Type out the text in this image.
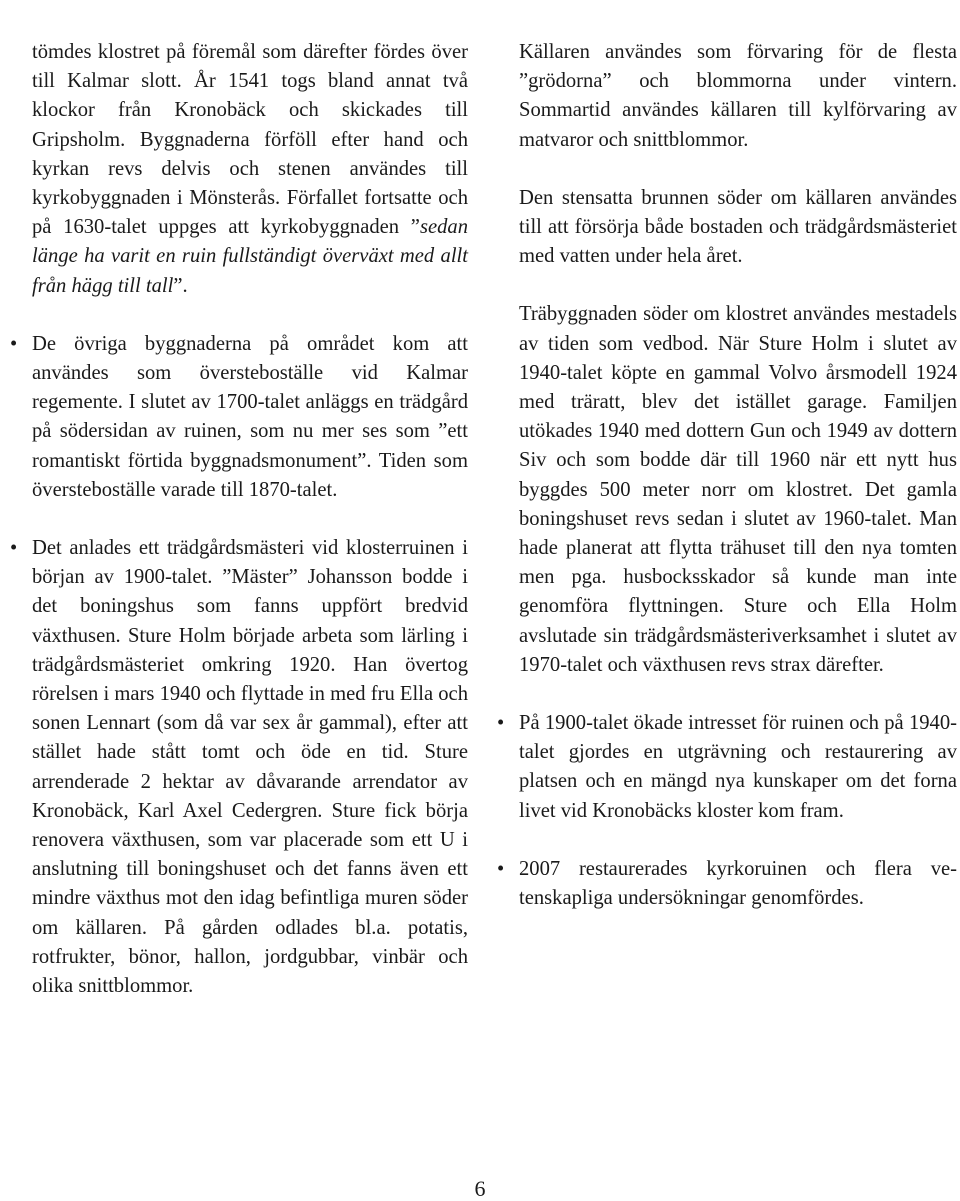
tömdes klostret på föremål som därefter fördes över till Kalmar slott. År 1541 togs bland annat två klockor från Kronobäck och skickades till Gripsholm. Byggnaderna förföll efter hand och kyrkan revs delvis och stenen användes till kyrkobyggnaden i Mönsterås. Förfallet fortsatte och på 1630-talet uppges att kyrkobyggnaden ”sedan länge ha varit en ruin fullständigt överväxt med allt från hägg till tall”.

• De övriga byggnaderna på området kom att användes som översteboställe vid Kalmar regemente. I slutet av 1700-talet anläggs en trädgård på södersidan av ruinen, som nu mer ses som ”ett romantiskt förtida byggnadsmonument”. Tiden som översteboställe varade till 1870-talet.

• Det anlades ett trädgårdsmästeri vid klosterruinen i början av 1900-talet. ”Mäster” Johansson bodde i det boningshus som fanns uppfört bredvid växthusen. Sture Holm började arbeta som lärling i trädgårdsmästeriet omkring 1920. Han övertog rörelsen i mars 1940 och flyttade in med fru Ella och sonen Lennart (som då var sex år gammal), efter att stället hade stått tomt och öde en tid. Sture arrenderade 2 hektar av dåvarande arrendator av Kronobäck, Karl Axel Cedergren. Sture fick börja renovera växthusen, som var placerade som ett U i anslutning till boningshuset och det fanns även ett mindre växthus mot den idag befintliga muren söder om källaren. På gården odlades bl.a. potatis, rotfrukter, bönor, hallon, jordgubbar, vinbär och olika snittblommor.

Källaren användes som förvaring för de flesta ”grödorna” och blommorna under vintern. Sommartid användes källaren till kylförvaring av matvaror och snittblommor.

Den stensatta brunnen söder om källaren användes till att försörja både bostaden och trädgårdsmästeriet med vatten under hela året.

Träbyggnaden söder om klostret användes mestadels av tiden som vedbod. När Sture Holm i slutet av 1940-talet köpte en gammal Volvo årsmodell 1924 med träratt, blev det istället garage. Familjen utökades 1940 med dottern Gun och 1949 av dottern Siv och som bodde där till 1960 när ett nytt hus byggdes 500 meter norr om klostret. Det gamla boningshuset revs sedan i slutet av 1960-talet. Man hade planerat att flytta trähuset till den nya tomten men pga. husbocksskador så kunde man inte genomföra flyttningen. Sture och Ella Holm avslutade sin trädgårdsmästeriverksamhet i slutet av 1970-talet och växthusen revs strax därefter.

• På 1900-talet ökade intresset för ruinen och på 1940-talet gjordes en utgrävning och restaurering av platsen och en mängd nya kunskaper om det forna livet vid Kronobäcks kloster kom fram.

• 2007 restaurerades kyrkoruinen och flera vetenskapliga undersökningar genomfördes.

6
